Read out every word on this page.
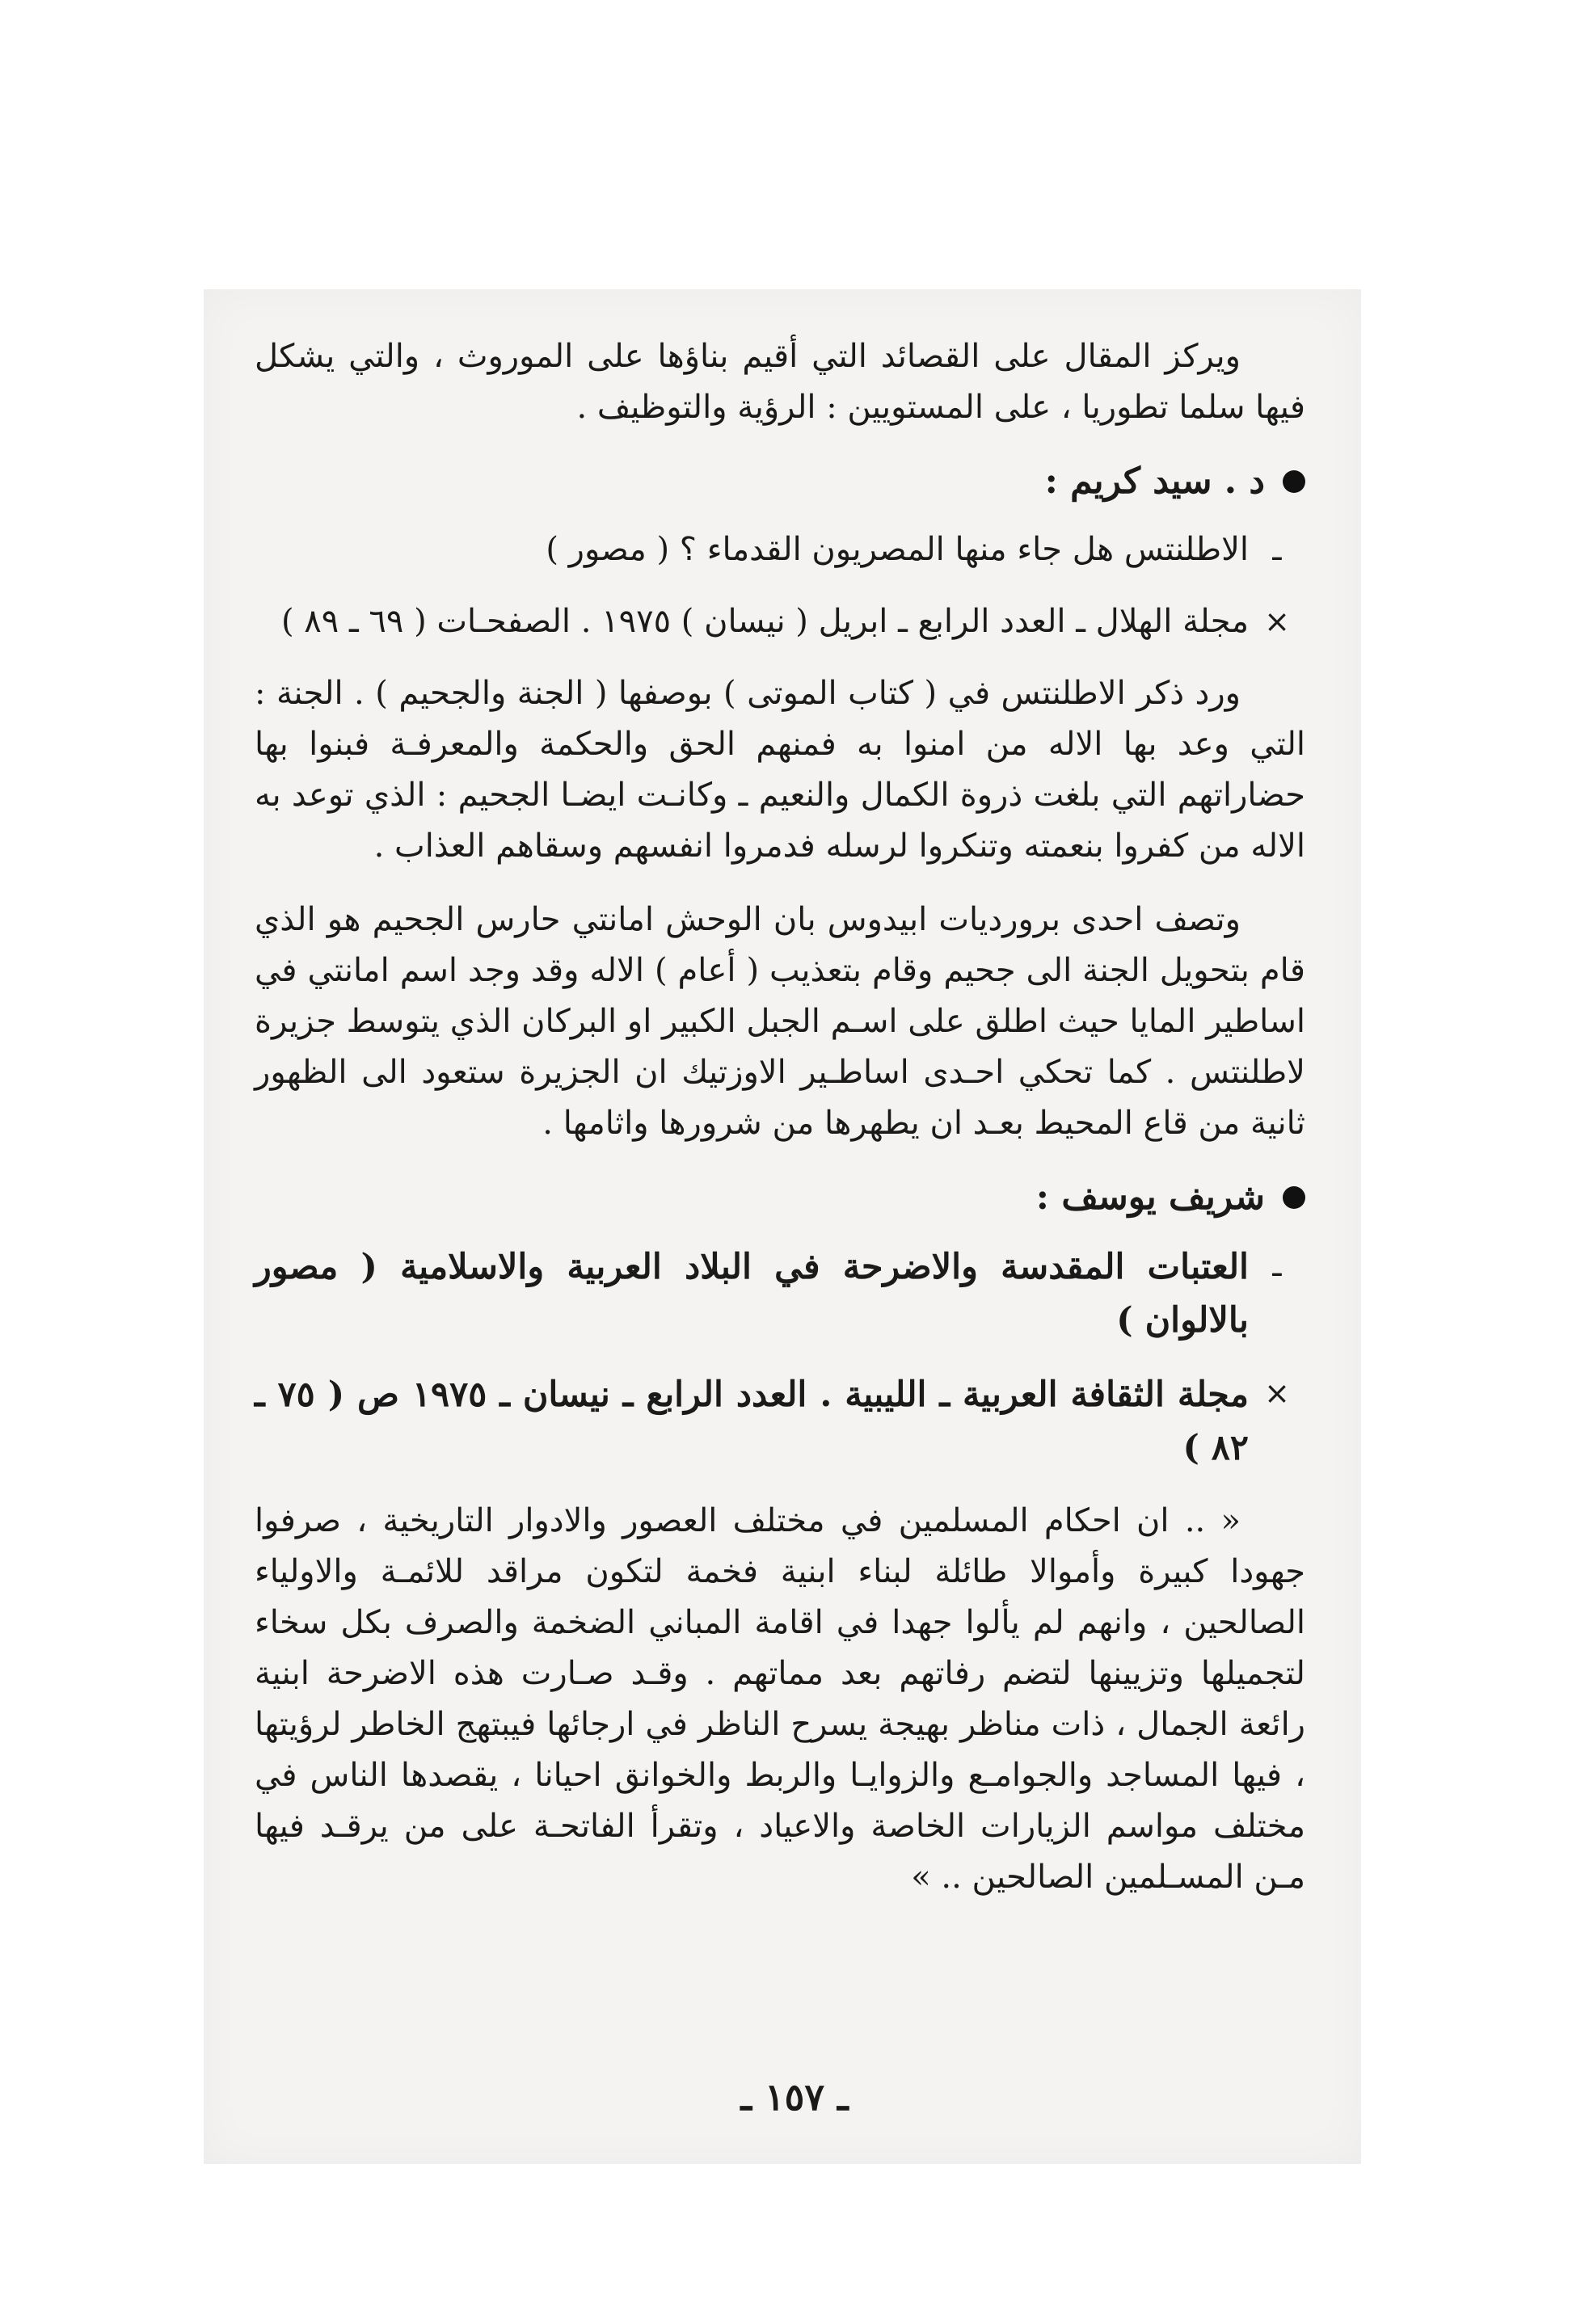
ويركز المقال على القصائد التي أقيم بناؤها على الموروث ، والتي يشكل فيها سلما تطوريا ، على المستويين : الرؤية والتوظيف .

د . سيد كريم :
ـ
الاطلنتس هل جاء منها المصريون القدماء ؟ ( مصور )
×
مجلة الهلال ـ العدد الرابع ـ ابريل ( نيسان ) ١٩٧٥ . الصفحـات ( ٦٩ ـ ٨٩ )

ورد ذكر الاطلنتس في ( كتاب الموتى ) بوصفها ( الجنة والجحيم ) . الجنة : التي وعد بها الاله من امنوا به فمنهم الحق والحكمة والمعرفـة فبنوا بها حضاراتهم التي بلغت ذروة الكمال والنعيم ـ وكانـت ايضـا الجحيم : الذي توعد به الاله من كفروا بنعمته وتنكروا لرسله فدمروا انفسهم وسقاهم العذاب .

وتصف احدى برورديات ابيدوس بان الوحش امانتي حارس الجحيم هو الذي قام بتحويل الجنة الى جحيم وقام بتعذيب ( أعام ) الاله وقد وجد اسم امانتي في اساطير المايا حيث اطلق على اسـم الجبل الكبير او البركان الذي يتوسط جزيرة لاطلنتس . كما تحكي احـدى اساطـير الاوزتيك ان الجزيرة ستعود الى الظهور ثانية من قاع المحيط بعـد ان يطهرها من شرورها واثامها .

شريف يوسف :
ـ
العتبات المقدسة والاضرحة في البلاد العربية والاسلامية ( مصور بالالوان )
×
مجلة الثقافة العربية ـ الليبية . العدد الرابع ـ نيسان ـ ١٩٧٥ ص ( ٧٥ ـ ٨٢ )

« .. ان احكام المسلمين في مختلف العصور والادوار التاريخية ، صرفوا جهودا كبيرة وأموالا طائلة لبناء ابنية فخمة لتكون مراقد للائمـة والاولياء الصالحين ، وانهم لم يألوا جهدا في اقامة المباني الضخمة والصرف بكل سخاء لتجميلها وتزيينها لتضم رفاتهم بعد مماتهم . وقـد صـارت هذه الاضرحة ابنية رائعة الجمال ، ذات مناظر بهيجة يسرح الناظر في ارجائها فيبتهج الخاطر لرؤيتها ، فيها المساجد والجوامـع والزوايـا والربط والخوانق احيانا ، يقصدها الناس في مختلف مواسم الزيارات الخاصة والاعياد ، وتقرأ الفاتحـة على من يرقـد فيها مـن المسـلمين الصالحين .. »

ـ ١٥٧ ـ
